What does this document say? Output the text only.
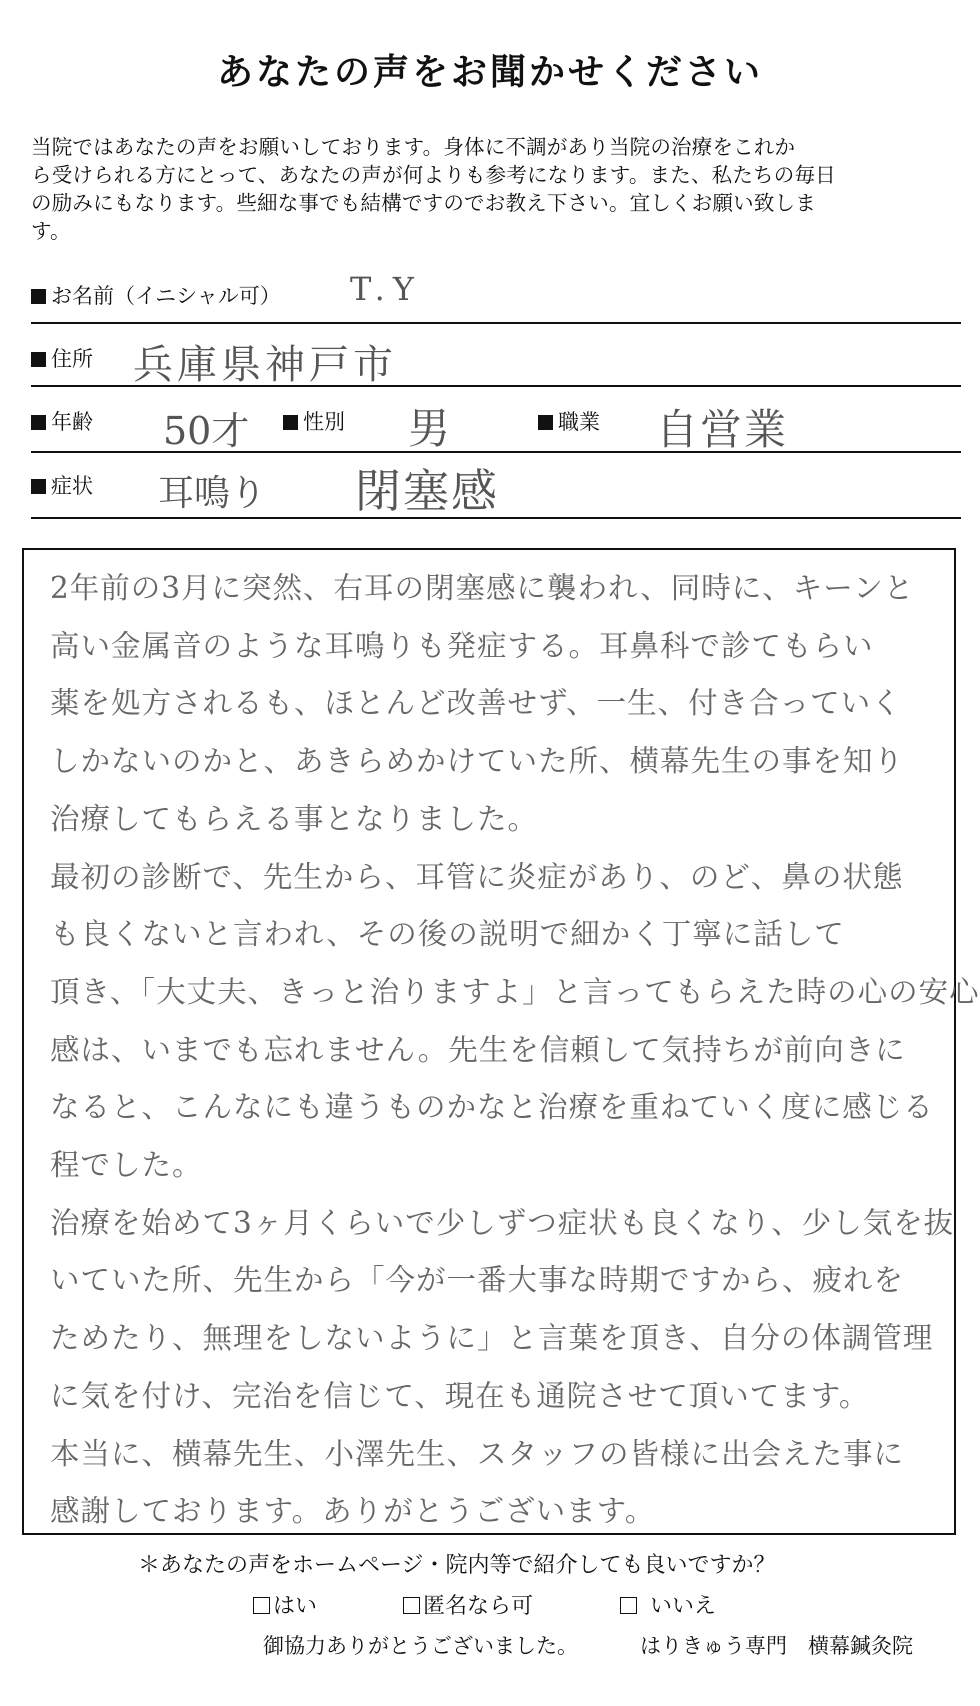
あなたの声をお聞かせください
当院ではあなたの声をお願いしております。身体に不調があり当院の治療をこれか
ら受けられる方にとって、あなたの声が何よりも参考になります。また、私たちの毎日
の励みにもなります。些細な事でも結構ですのでお教え下さい。宜しくお願い致しま
す。
お名前（イニシャル可） T.Y
住所 兵庫県神戸市
年齢 50才	性別 男	職業 自営業
症状 耳鳴り 閉塞感
2年前の3月に突然、右耳の閉塞感に襲われ、同時に、キーンと
高い金属音のような耳鳴りも発症する。耳鼻科で診てもらい
薬を処方されるも、ほとんど改善せず、一生、付き合っていく
しかないのかと、あきらめかけていた所、横幕先生の事を知り
治療してもらえる事となりました。
最初の診断で、先生から、耳管に炎症があり、のど、鼻の状態
も良くないと言われ、その後の説明で細かく丁寧に話して
頂き、「大丈夫、きっと治りますよ」と言ってもらえた時の心の安心
感は、いまでも忘れません。先生を信頼して気持ちが前向きに
なると、こんなにも違うものかなと治療を重ねていく度に感じる
程でした。
治療を始めて3ヶ月くらいで少しずつ症状も良くなり、少し気を抜
いていた所、先生から「今が一番大事な時期ですから、疲れを
ためたり、無理をしないように」と言葉を頂き、自分の体調管理
に気を付け、完治を信じて、現在も通院させて頂いてます。
本当に、横幕先生、小澤先生、スタッフの皆様に出会えた事に
感謝しております。ありがとうございます。
＊あなたの声をホームページ・院内等で紹介しても良いですか？
はい	匿名なら可	いいえ
御協力ありがとうございました。	はりきゅう専門　横幕鍼灸院
